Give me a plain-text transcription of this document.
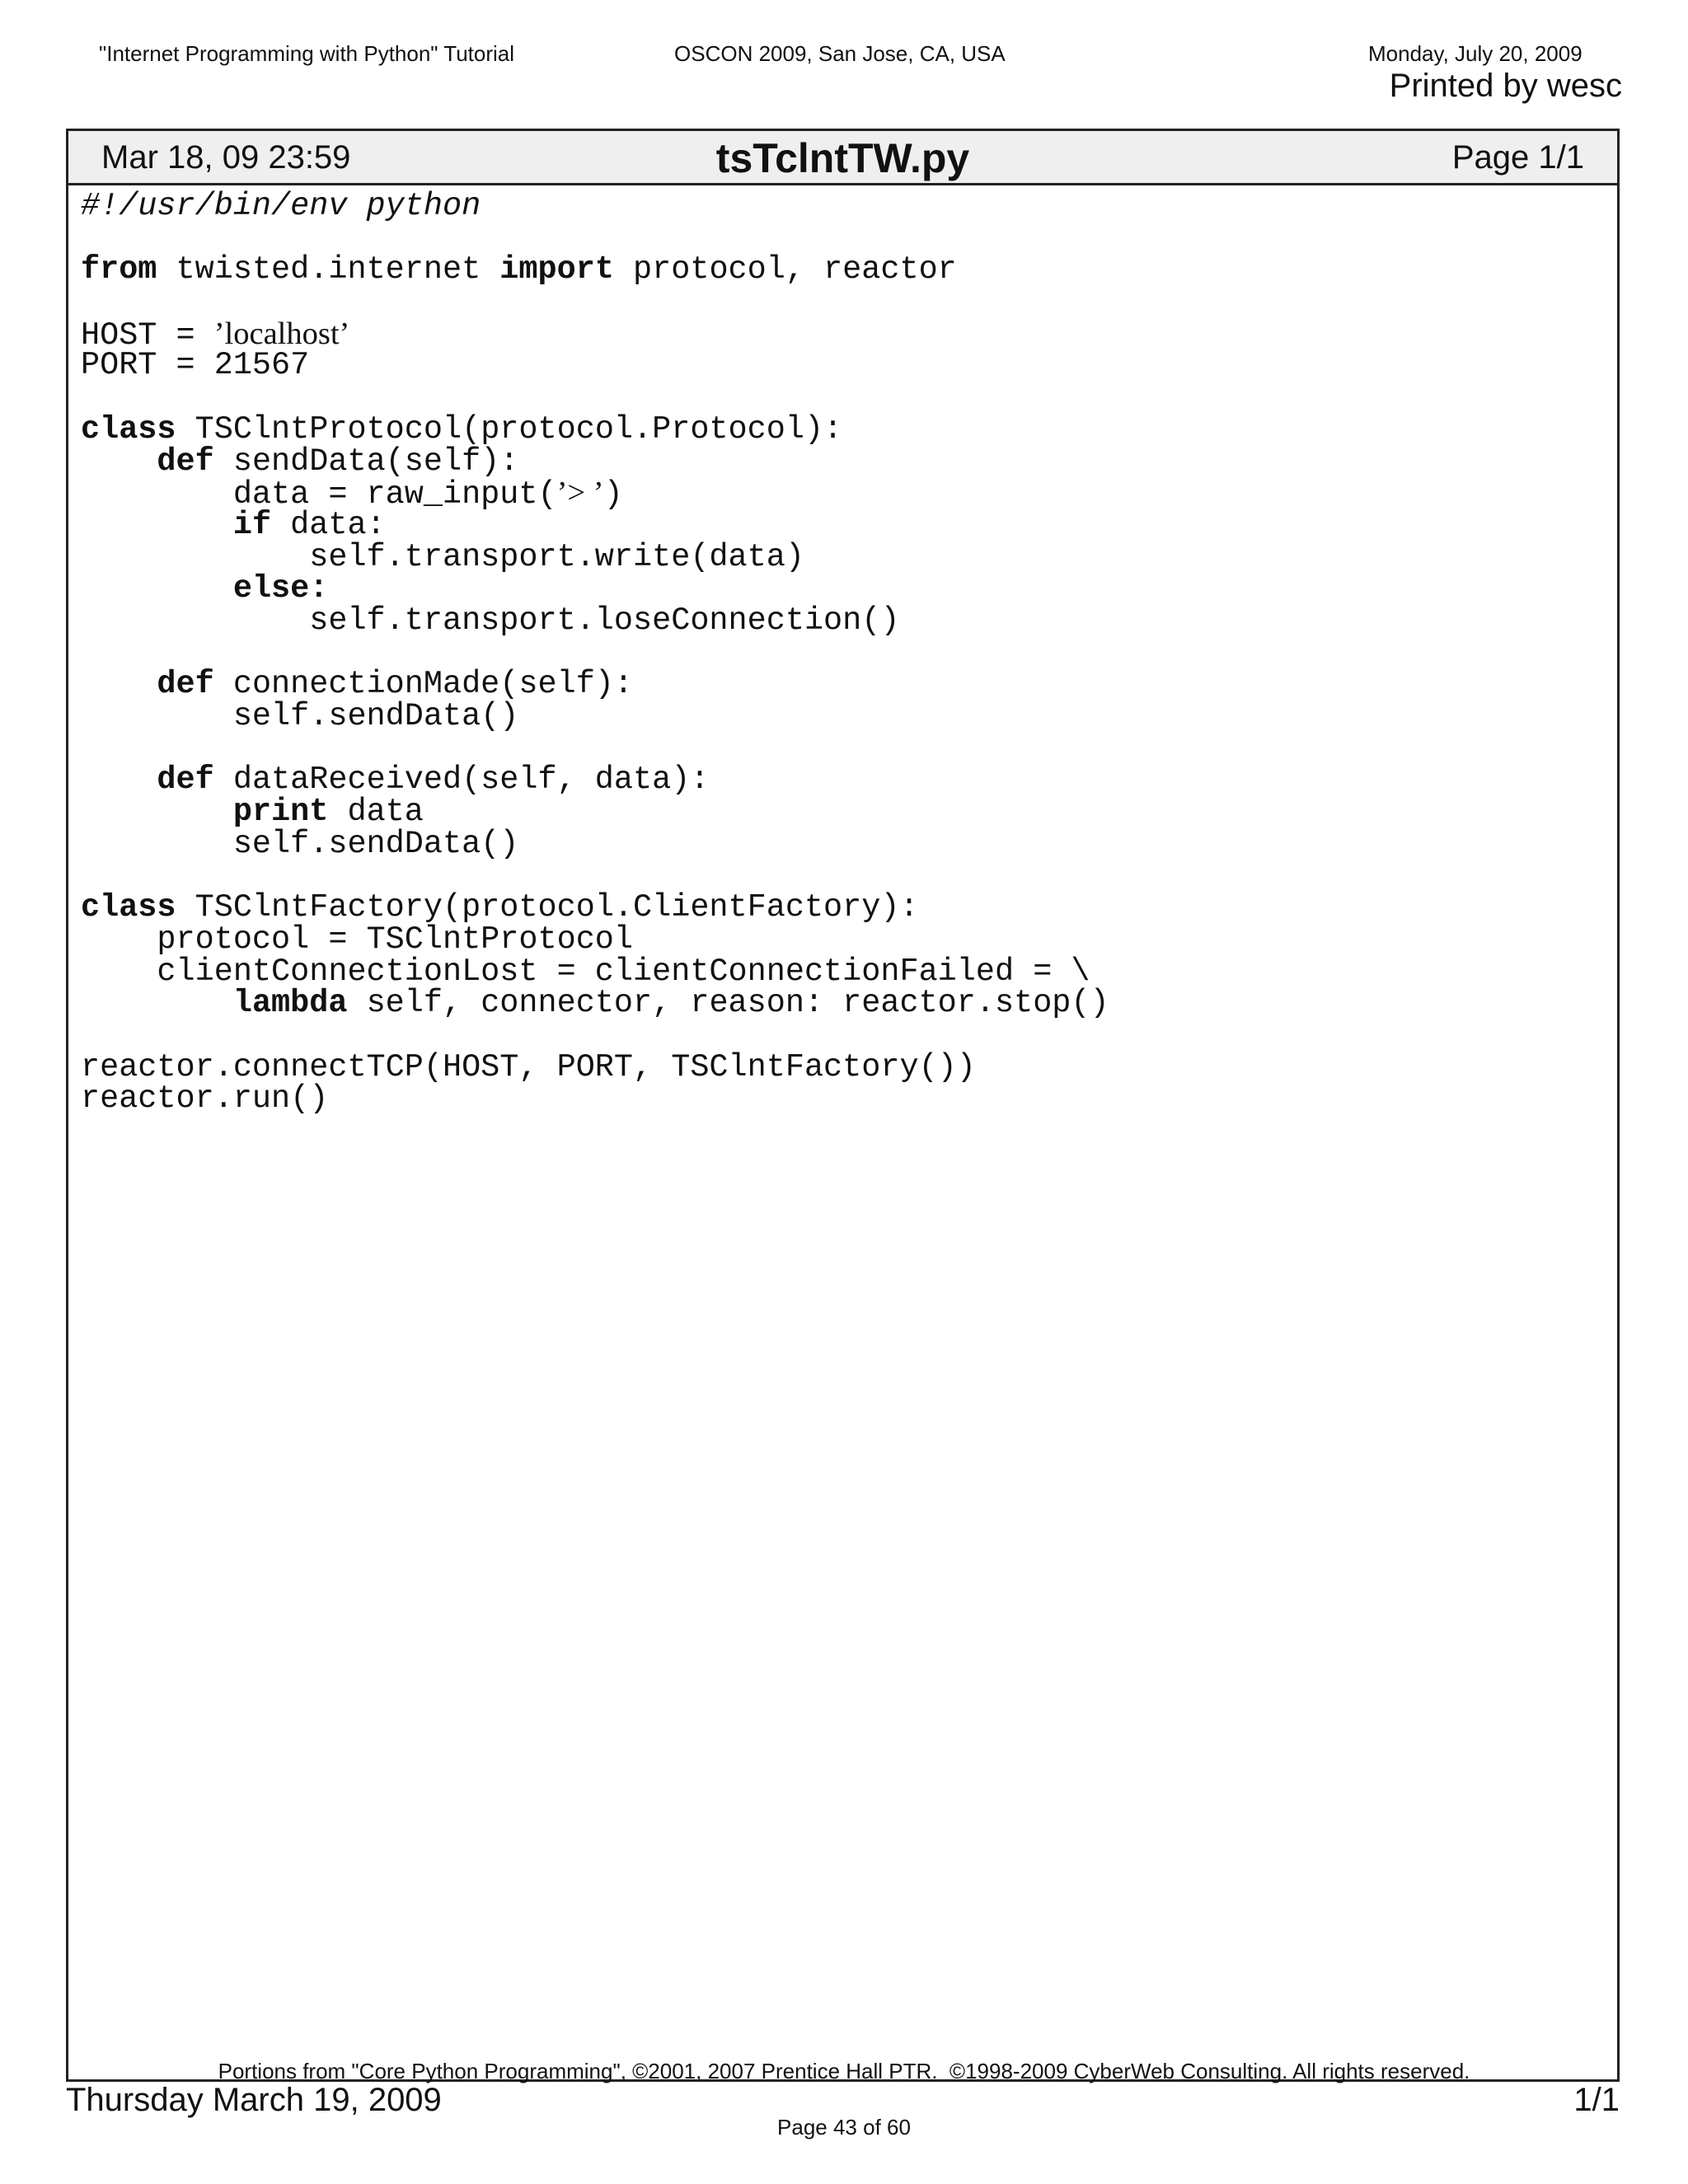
"Internet Programming with Python" Tutorial	OSCON 2009, San Jose, CA, USA	Monday, July 20, 2009
Printed by wesc
Mar 18, 09 23:59	tsTclntTW.py	Page 1/1
#!/usr/bin/env python

from twisted.internet import protocol, reactor

HOST = ’localhost’
PORT = 21567

class TSClntProtocol(protocol.Protocol):
def sendData(self):
data = raw_input(’> ’)
if data:
self.transport.write(data)
else:
self.transport.loseConnection()

def connectionMade(self):
self.sendData()

def dataReceived(self, data):
print data
self.sendData()

class TSClntFactory(protocol.ClientFactory):
protocol = TSClntProtocol
clientConnectionLost = clientConnectionFailed = \
lambda self, connector, reason: reactor.stop()

reactor.connectTCP(HOST, PORT, TSClntFactory())
reactor.run()
Portions from "Core Python Programming", ©2001, 2007 Prentice Hall PTR.  ©1998-2009 CyberWeb Consulting. All rights reserved.
Thursday March 19, 2009	1/1
Page 43 of 60
